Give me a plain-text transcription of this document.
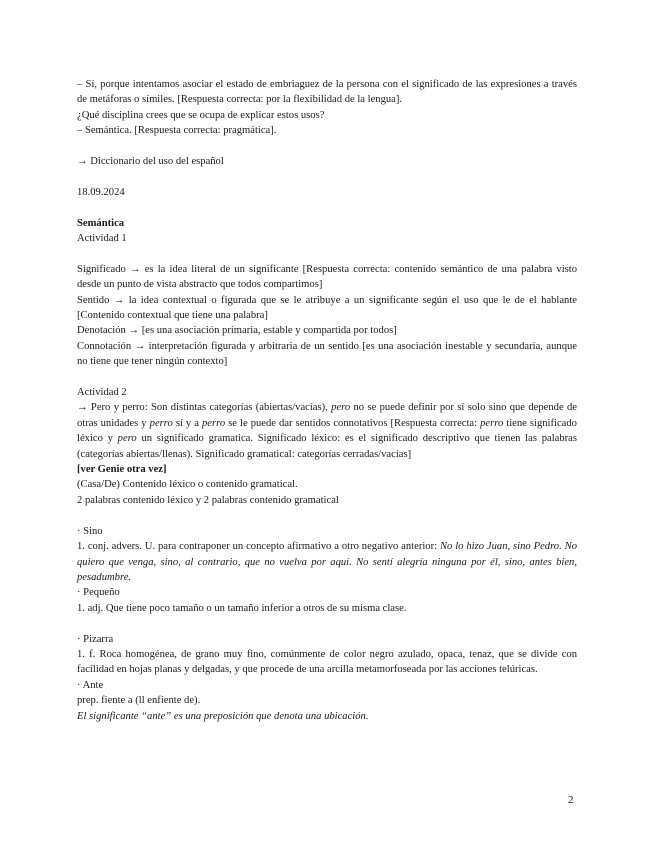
– Sí, porque intentamos asociar el estado de embriaguez de la persona con el significado de las expresiones a través de metáforas o símiles. [Respuesta correcta: por la flexibilidad de la lengua].

¿Qué disciplina crees que se ocupa de explicar estos usos?

– Semántica. [Respuesta correcta: pragmática].

→ Diccionario del uso del español

18.09.2024

Semántica

Actividad 1

Significado → es la idea literal de un significante [Respuesta correcta: contenido semántico de una palabra visto desde un punto de vista abstracto que todos compartimos]

Sentido → la idea contextual o figurada que se le atribuye a un significante según el uso que le de el hablante [Contenido contextual que tiene una palabra]

Denotación → [es una asociación primaria, estable y compartida por todos]

Connotación → interpretación figurada y arbitraria de un sentido [es una asociación inestable y secundaria, aunque no tiene que tener ningún contexto]

Actividad 2

→ Pero y perro: Son distintas categorías (abiertas/vacías), pero no se puede definir por sí solo sino que depende de otras unidades y perro sí y a perro se le puede dar sentidos connotativos [Respuesta correcta: perro tiene significado léxico y pero un significado gramatica. Significado léxico: es el significado descriptivo que tienen las palabras (categorías abiertas/llenas). Significado gramatical: categorías cerradas/vacías]

[ver Genie otra vez]

(Casa/De) Contenido léxico o contenido gramatical.

2 palabras contenido léxico y 2 palabras contenido gramatical

· Sino

1. conj. advers. U. para contraponer un concepto afirmativo a otro negativo anterior: No lo hizo Juan, sino Pedro. No quiero que venga, sino, al contrario, que no vuelva por aquí. No sentí alegría ninguna por él, sino, antes bien, pesadumbre.

· Pequeño

1. adj. Que tiene poco tamaño o un tamaño inferior a otros de su misma clase.

· Pizarra

1. f. Roca homogénea, de grano muy fino, comúnmente de color negro azulado, opaca, tenaz, que se divide con facilidad en hojas planas y delgadas, y que procede de una arcilla metamorfoseada por las acciones telúricas.

· Ante

prep. fiente a (ll enfiente de).

El significante “ante” es una preposición que denota una ubicación.

2
